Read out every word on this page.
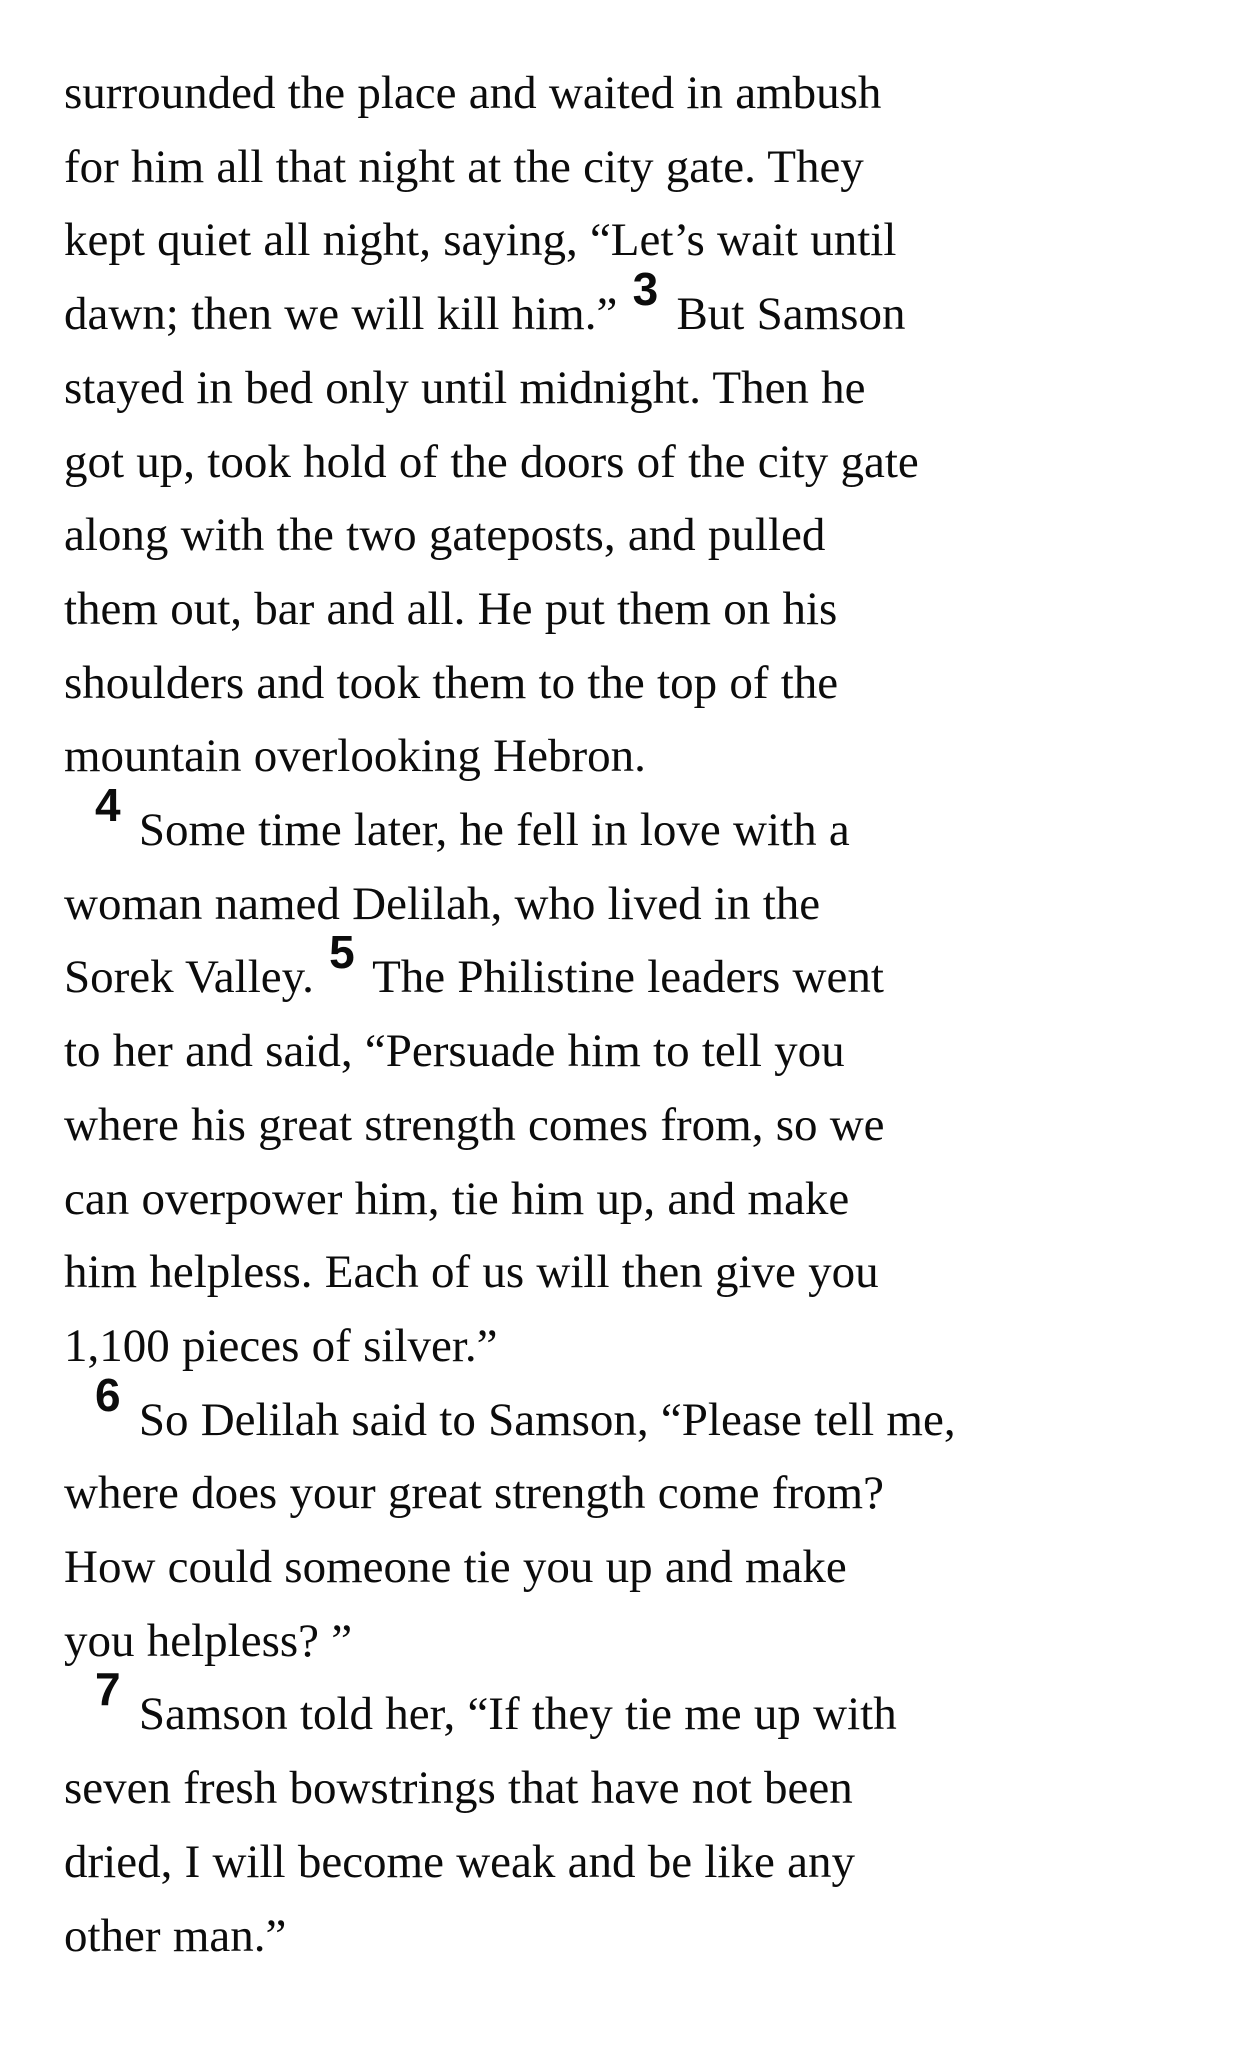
surrounded the place and waited in ambush
for him all that night at the city gate. They
kept quiet all night, saying, “Let’s wait until
dawn; then we will kill him.” 3 But Samson
stayed in bed only until midnight. Then he
got up, took hold of the doors of the city gate
along with the two gateposts, and pulled
them out, bar and all. He put them on his
shoulders and took them to the top of the
mountain overlooking Hebron.

4 Some time later, he fell in love with a
woman named Delilah, who lived in the
Sorek Valley. 5 The Philistine leaders went
to her and said, “Persuade him to tell you
where his great strength comes from, so we
can overpower him, tie him up, and make
him helpless. Each of us will then give you
1,100 pieces of silver.”

6 So Delilah said to Samson, “Please tell me,
where does your great strength come from?
How could someone tie you up and make
you helpless? ”

7 Samson told her, “If they tie me up with
seven fresh bowstrings that have not been
dried, I will become weak and be like any
other man.”
